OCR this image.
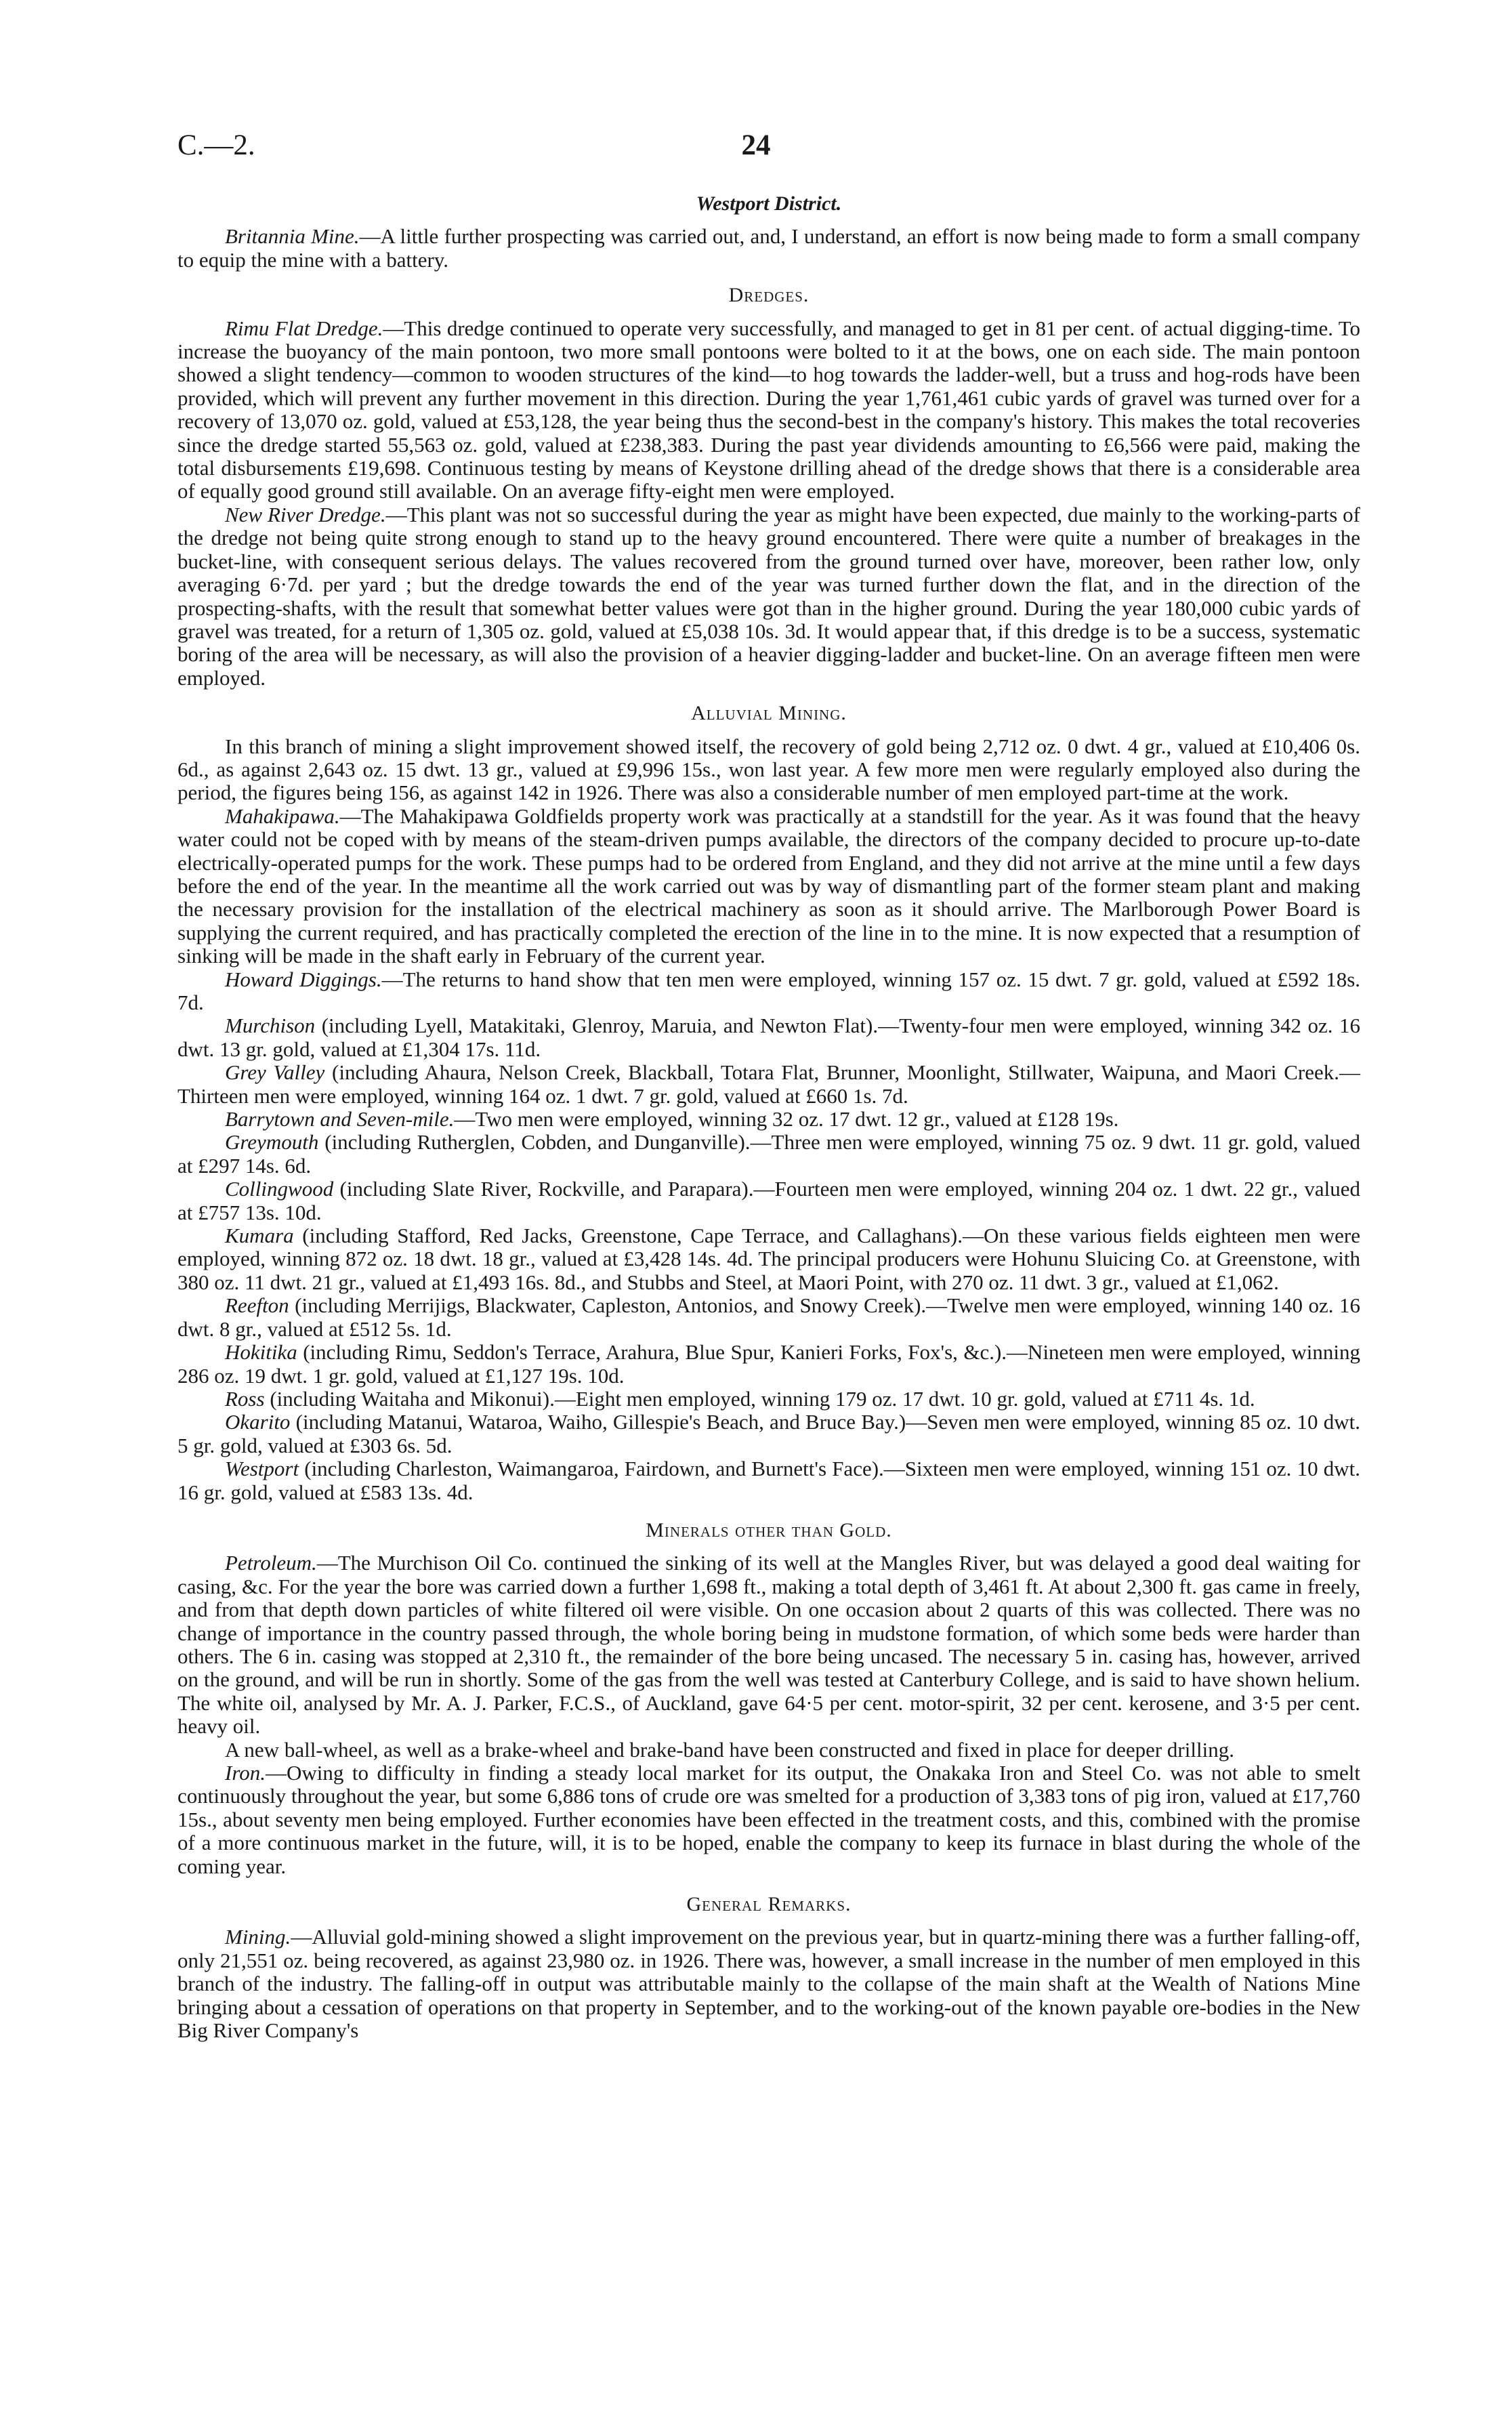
C.—2.	24
Westport District.

Britannia Mine.—A little further prospecting was carried out, and, I understand, an effort is now being made to form a small company to equip the mine with a battery.

Dredges.

Rimu Flat Dredge.—This dredge continued to operate very successfully, and managed to get in 81 per cent. of actual digging-time. To increase the buoyancy of the main pontoon, two more small pontoons were bolted to it at the bows, one on each side. The main pontoon showed a slight tendency—common to wooden structures of the kind—to hog towards the ladder-well, but a truss and hog-rods have been provided, which will prevent any further movement in this direction. During the year 1,761,461 cubic yards of gravel was turned over for a recovery of 13,070 oz. gold, valued at £53,128, the year being thus the second-best in the company's history. This makes the total recoveries since the dredge started 55,563 oz. gold, valued at £238,383. During the past year dividends amounting to £6,566 were paid, making the total disbursements £19,698. Continuous testing by means of Keystone drilling ahead of the dredge shows that there is a considerable area of equally good ground still available. On an average fifty-eight men were employed.

New River Dredge.—This plant was not so successful during the year as might have been expected, due mainly to the working-parts of the dredge not being quite strong enough to stand up to the heavy ground encountered. There were quite a number of breakages in the bucket-line, with consequent serious delays. The values recovered from the ground turned over have, moreover, been rather low, only averaging 6·7d. per yard ; but the dredge towards the end of the year was turned further down the flat, and in the direction of the prospecting-shafts, with the result that somewhat better values were got than in the higher ground. During the year 180,000 cubic yards of gravel was treated, for a return of 1,305 oz. gold, valued at £5,038 10s. 3d. It would appear that, if this dredge is to be a success, systematic boring of the area will be necessary, as will also the provision of a heavier digging-ladder and bucket-line. On an average fifteen men were employed.

Alluvial Mining.

In this branch of mining a slight improvement showed itself, the recovery of gold being 2,712 oz. 0 dwt. 4 gr., valued at £10,406 0s. 6d., as against 2,643 oz. 15 dwt. 13 gr., valued at £9,996 15s., won last year. A few more men were regularly employed also during the period, the figures being 156, as against 142 in 1926. There was also a considerable number of men employed part-time at the work.

Mahakipawa.—The Mahakipawa Goldfields property work was practically at a standstill for the year. As it was found that the heavy water could not be coped with by means of the steam-driven pumps available, the directors of the company decided to procure up-to-date electrically-operated pumps for the work. These pumps had to be ordered from England, and they did not arrive at the mine until a few days before the end of the year. In the meantime all the work carried out was by way of dismantling part of the former steam plant and making the necessary provision for the installation of the electrical machinery as soon as it should arrive. The Marlborough Power Board is supplying the current required, and has practically completed the erection of the line in to the mine. It is now expected that a resumption of sinking will be made in the shaft early in February of the current year.

Howard Diggings.—The returns to hand show that ten men were employed, winning 157 oz. 15 dwt. 7 gr. gold, valued at £592 18s. 7d.

Murchison (including Lyell, Matakitaki, Glenroy, Maruia, and Newton Flat).—Twenty-four men were employed, winning 342 oz. 16 dwt. 13 gr. gold, valued at £1,304 17s. 11d.

Grey Valley (including Ahaura, Nelson Creek, Blackball, Totara Flat, Brunner, Moonlight, Stillwater, Waipuna, and Maori Creek.—Thirteen men were employed, winning 164 oz. 1 dwt. 7 gr. gold, valued at £660 1s. 7d.

Barrytown and Seven-mile.—Two men were employed, winning 32 oz. 17 dwt. 12 gr., valued at £128 19s.

Greymouth (including Rutherglen, Cobden, and Dunganville).—Three men were employed, winning 75 oz. 9 dwt. 11 gr. gold, valued at £297 14s. 6d.

Collingwood (including Slate River, Rockville, and Parapara).—Fourteen men were employed, winning 204 oz. 1 dwt. 22 gr., valued at £757 13s. 10d.

Kumara (including Stafford, Red Jacks, Greenstone, Cape Terrace, and Callaghans).—On these various fields eighteen men were employed, winning 872 oz. 18 dwt. 18 gr., valued at £3,428 14s. 4d. The principal producers were Hohunu Sluicing Co. at Greenstone, with 380 oz. 11 dwt. 21 gr., valued at £1,493 16s. 8d., and Stubbs and Steel, at Maori Point, with 270 oz. 11 dwt. 3 gr., valued at £1,062.

Reefton (including Merrijigs, Blackwater, Capleston, Antonios, and Snowy Creek).—Twelve men were employed, winning 140 oz. 16 dwt. 8 gr., valued at £512 5s. 1d.

Hokitika (including Rimu, Seddon's Terrace, Arahura, Blue Spur, Kanieri Forks, Fox's, &c.).—Nineteen men were employed, winning 286 oz. 19 dwt. 1 gr. gold, valued at £1,127 19s. 10d.

Ross (including Waitaha and Mikonui).—Eight men employed, winning 179 oz. 17 dwt. 10 gr. gold, valued at £711 4s. 1d.

Okarito (including Matanui, Wataroa, Waiho, Gillespie's Beach, and Bruce Bay.)—Seven men were employed, winning 85 oz. 10 dwt. 5 gr. gold, valued at £303 6s. 5d.

Westport (including Charleston, Waimangaroa, Fairdown, and Burnett's Face).—Sixteen men were employed, winning 151 oz. 10 dwt. 16 gr. gold, valued at £583 13s. 4d.

Minerals other than Gold.

Petroleum.—The Murchison Oil Co. continued the sinking of its well at the Mangles River, but was delayed a good deal waiting for casing, &c. For the year the bore was carried down a further 1,698 ft., making a total depth of 3,461 ft. At about 2,300 ft. gas came in freely, and from that depth down particles of white filtered oil were visible. On one occasion about 2 quarts of this was collected. There was no change of importance in the country passed through, the whole boring being in mudstone formation, of which some beds were harder than others. The 6 in. casing was stopped at 2,310 ft., the remainder of the bore being uncased. The necessary 5 in. casing has, however, arrived on the ground, and will be run in shortly. Some of the gas from the well was tested at Canterbury College, and is said to have shown helium. The white oil, analysed by Mr. A. J. Parker, F.C.S., of Auckland, gave 64·5 per cent. motor-spirit, 32 per cent. kerosene, and 3·5 per cent. heavy oil.

A new ball-wheel, as well as a brake-wheel and brake-band have been constructed and fixed in place for deeper drilling.

Iron.—Owing to difficulty in finding a steady local market for its output, the Onakaka Iron and Steel Co. was not able to smelt continuously throughout the year, but some 6,886 tons of crude ore was smelted for a production of 3,383 tons of pig iron, valued at £17,760 15s., about seventy men being employed. Further economies have been effected in the treatment costs, and this, combined with the promise of a more continuous market in the future, will, it is to be hoped, enable the company to keep its furnace in blast during the whole of the coming year.

General Remarks.

Mining.—Alluvial gold-mining showed a slight improvement on the previous year, but in quartz-mining there was a further falling-off, only 21,551 oz. being recovered, as against 23,980 oz. in 1926. There was, however, a small increase in the number of men employed in this branch of the industry. The falling-off in output was attributable mainly to the collapse of the main shaft at the Wealth of Nations Mine bringing about a cessation of operations on that property in September, and to the working-out of the known payable ore-bodies in the New Big River Company's
